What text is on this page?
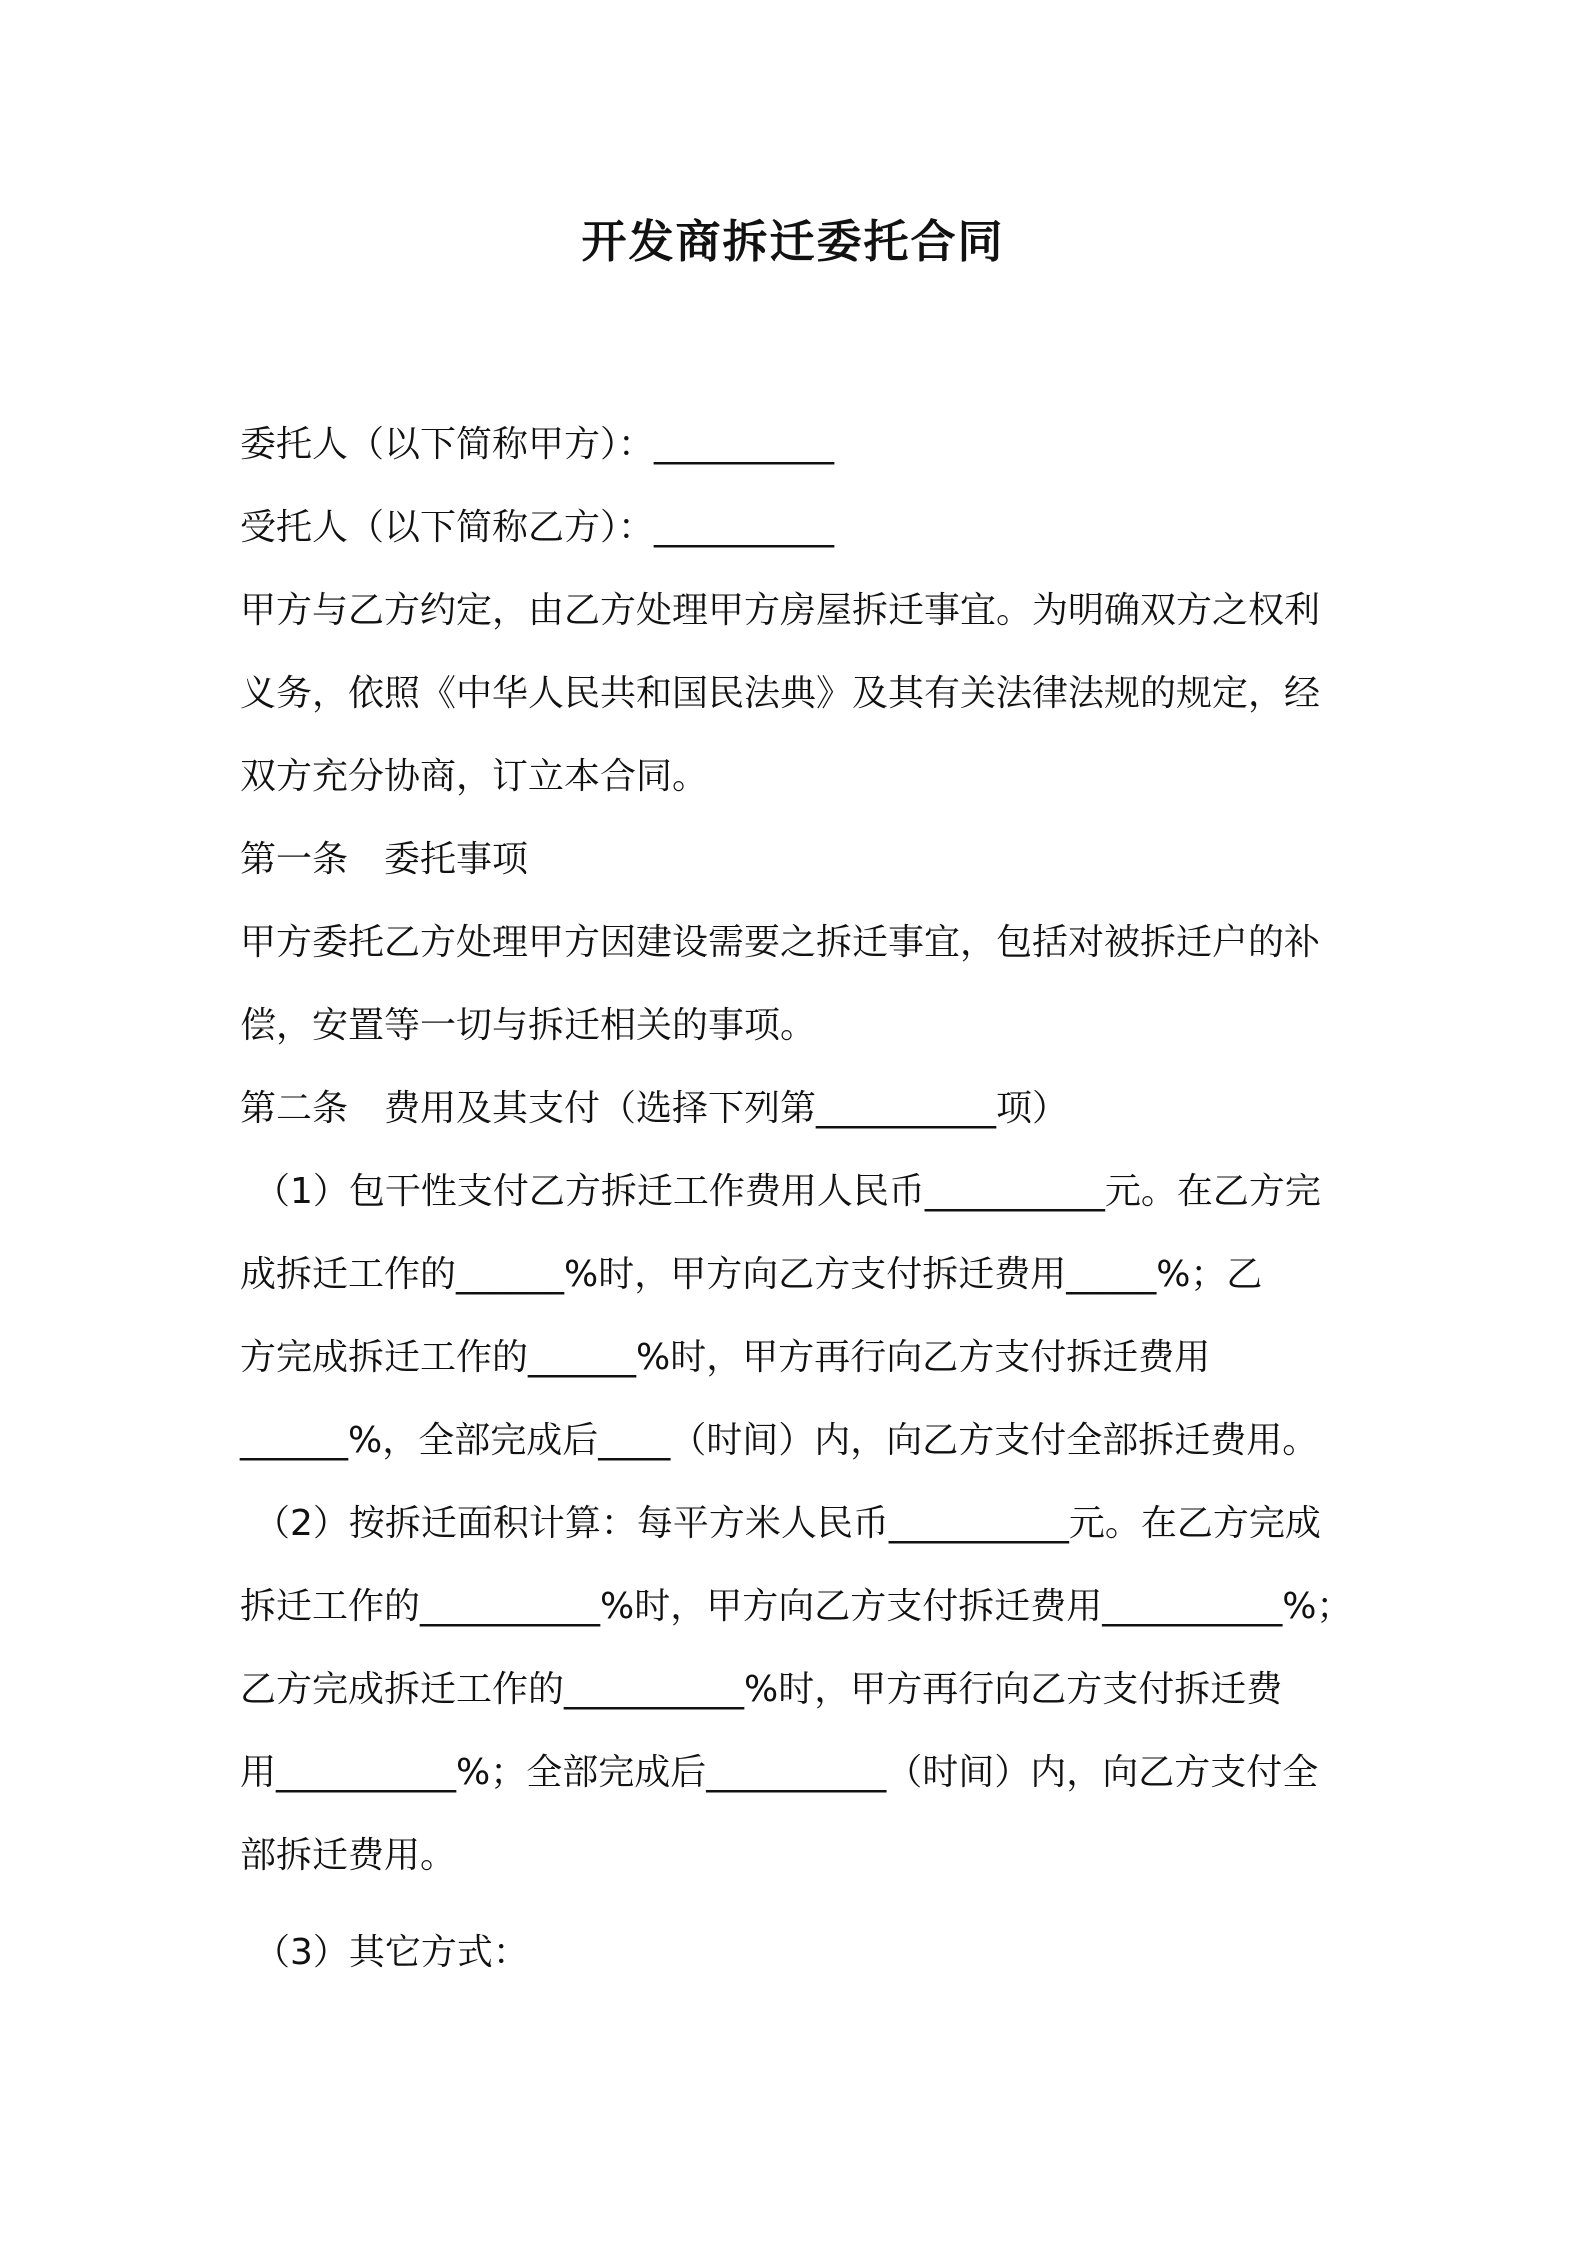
开发商拆迁委托合同
委托人（以下简称甲方）：__________
受托人（以下简称乙方）：__________
甲方与乙方约定，由乙方处理甲方房屋拆迁事宜。为明确双方之权利
义务，依照《中华人民共和国民法典》及其有关法律法规的规定，经
双方充分协商，订立本合同。
第一条　委托事项
甲方委托乙方处理甲方因建设需要之拆迁事宜，包括对被拆迁户的补
偿，安置等一切与拆迁相关的事项。
第二条　费用及其支付（选择下列第__________项）
（1）包干性支付乙方拆迁工作费用人民币__________元。在乙方完
成拆迁工作的______%时，甲方向乙方支付拆迁费用_____%；乙
方完成拆迁工作的______%时，甲方再行向乙方支付拆迁费用
______%，全部完成后____（时间）内，向乙方支付全部拆迁费用。
（2）按拆迁面积计算：每平方米人民币__________元。在乙方完成
拆迁工作的__________%时，甲方向乙方支付拆迁费用__________%；
乙方完成拆迁工作的__________%时，甲方再行向乙方支付拆迁费
用__________%；全部完成后__________（时间）内，向乙方支付全
部拆迁费用。
（3）其它方式：
